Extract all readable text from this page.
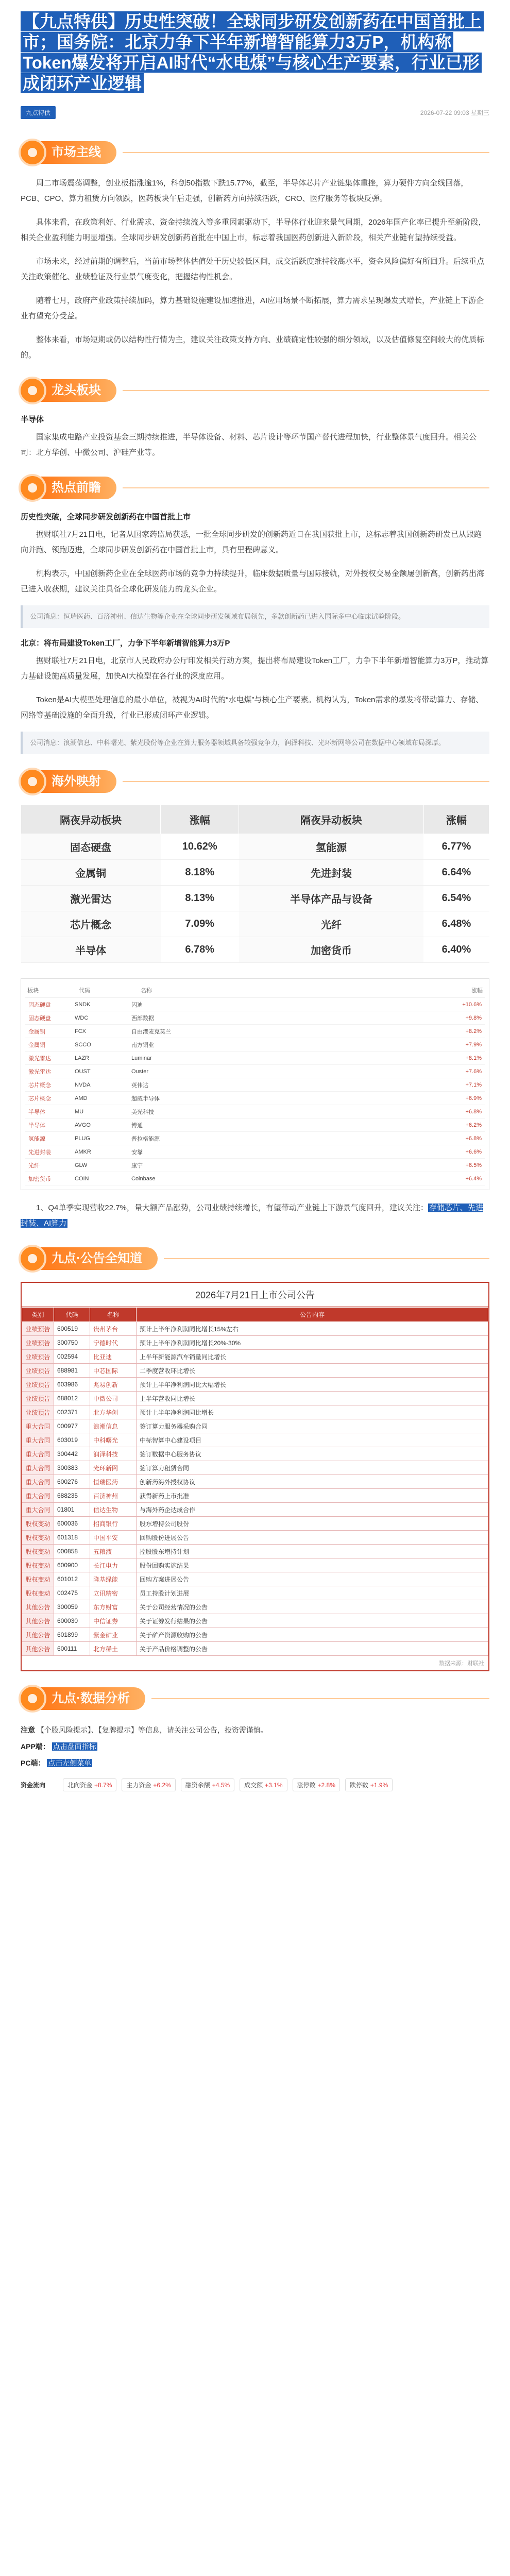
【九点特供】历史性突破！全球同步研发创新药在中国首批上市；国务院：北京力争下半年新增智能算力3万P，机构称Token爆发将开启AI时代“水电煤”与核心生产要素，行业已形成闭环产业逻辑
九点特供	2026-07-22 09:03 星期三
市场主线

周二市场震荡调整，创业板指涨逾1%，科创50指数下跌15.77%，截至，半导体芯片产业链集体重挫，算力硬件方向全线回落，PCB、CPO、算力租赁方向领跌，医药板块午后走强，创新药方向持续活跃，CRO、医疗服务等板块反弹。

具体来看，在政策利好、行业需求、资金持续流入等多重因素驱动下，半导体行业迎来景气周期，2026年国产化率已提升至新阶段，相关企业盈利能力明显增强。全球同步研发创新药首批在中国上市，标志着我国医药创新进入新阶段，相关产业链有望持续受益。

市场未来，经过前期的调整后，当前市场整体估值处于历史较低区间，成交活跃度维持较高水平，资金风险偏好有所回升。后续重点关注政策催化、业绩验证及行业景气度变化，把握结构性机会。

随着七月，政府产业政策持续加码，算力基础设施建设加速推进，AI应用场景不断拓展，算力需求呈现爆发式增长，产业链上下游企业有望充分受益。

整体来看，市场短期或仍以结构性行情为主，建议关注政策支持方向、业绩确定性较强的细分领域，以及估值修复空间较大的优质标的。

龙头板块
半导体

国家集成电路产业投资基金三期持续推进，半导体设备、材料、芯片设计等环节国产替代进程加快，行业整体景气度回升。相关公司：北方华创、中微公司、沪硅产业等。

热点前瞻
历史性突破，全球同步研发创新药在中国首批上市

据财联社7月21日电，记者从国家药监局获悉，一批全球同步研发的创新药近日在我国获批上市，这标志着我国创新药研发已从跟跑向并跑、领跑迈进，全球同步研发创新药在中国首批上市，具有里程碑意义。

机构表示，中国创新药企业在全球医药市场的竞争力持续提升，临床数据质量与国际接轨，对外授权交易金额屡创新高，创新药出海已进入收获期，建议关注具备全球化研发能力的龙头企业。

公司消息：恒瑞医药、百济神州、信达生物等企业在全球同步研发领域布局领先，多款创新药已进入国际多中心临床试验阶段。
北京：将布局建设Token工厂，力争下半年新增智能算力3万P

据财联社7月21日电，北京市人民政府办公厅印发相关行动方案，提出将布局建设Token工厂，力争下半年新增智能算力3万P，推动算力基础设施高质量发展，加快AI大模型在各行业的深度应用。

Token是AI大模型处理信息的最小单位，被视为AI时代的“水电煤”与核心生产要素。机构认为，Token需求的爆发将带动算力、存储、网络等基础设施的全面升级，行业已形成闭环产业逻辑。

公司消息：浪潮信息、中科曙光、紫光股份等企业在算力服务器领域具备较强竞争力，润泽科技、光环新网等公司在数据中心领域布局深厚。
海外映射
隔夜异动板块	涨幅	隔夜异动板块	涨幅
固态硬盘	10.62%	氢能源	6.77%
金属铜	8.18%	先进封装	6.64%
激光雷达	8.13%	半导体产品与设备	6.54%
芯片概念	7.09%	光纤	6.48%
半导体	6.78%	加密货币	6.40%
板块	代码	名称	涨幅
固态硬盘	SNDK	闪迪	+10.6%
固态硬盘	WDC	西部数据	+9.8%
金属铜	FCX	自由港麦克莫兰	+8.2%
金属铜	SCCO	南方铜业	+7.9%
激光雷达	LAZR	Luminar	+8.1%
激光雷达	OUST	Ouster	+7.6%
芯片概念	NVDA	英伟达	+7.1%
芯片概念	AMD	超威半导体	+6.9%
半导体	MU	美光科技	+6.8%
半导体	AVGO	博通	+6.2%
氢能源	PLUG	普拉格能源	+6.8%
先进封装	AMKR	安靠	+6.6%
光纤	GLW	康宁	+6.5%
加密货币	COIN	Coinbase	+6.4%

1、Q4单季实现营收22.7%，量大额产品涨势，公司业绩持续增长，有望带动产业链上下游景气度回升，建议关注： 存储芯片、先进封装、AI算力

九点·公告全知道
2026年7月21日上市公司公告
类别	代码	名称	公告内容
业绩预告	600519	贵州茅台	预计上半年净利润同比增长15%左右
业绩预告	300750	宁德时代	预计上半年净利润同比增长20%-30%
业绩预告	002594	比亚迪	上半年新能源汽车销量同比增长
业绩预告	688981	中芯国际	二季度营收环比增长
业绩预告	603986	兆易创新	预计上半年净利润同比大幅增长
业绩预告	688012	中微公司	上半年营收同比增长
业绩预告	002371	北方华创	预计上半年净利润同比增长
重大合同	000977	浪潮信息	签订算力服务器采购合同
重大合同	603019	中科曙光	中标智算中心建设项目
重大合同	300442	润泽科技	签订数据中心服务协议
重大合同	300383	光环新网	签订算力租赁合同
重大合同	600276	恒瑞医药	创新药海外授权协议
重大合同	688235	百济神州	获得新药上市批准
重大合同	01801	信达生物	与海外药企达成合作
股权变动	600036	招商银行	股东增持公司股份
股权变动	601318	中国平安	回购股份进展公告
股权变动	000858	五粮液	控股股东增持计划
股权变动	600900	长江电力	股份回购实施结果
股权变动	601012	隆基绿能	回购方案进展公告
股权变动	002475	立讯精密	员工持股计划进展
其他公告	300059	东方财富	关于公司经营情况的公告
其他公告	600030	中信证券	关于证券发行结果的公告
其他公告	601899	紫金矿业	关于矿产资源收购的公告
其他公告	600111	北方稀土	关于产品价格调整的公告
数据来源：财联社
九点·数据分析
注意 【个股风险提示】、【复牌提示】等信息，请关注公司公告，投资需谨慎。
APP端： 点击盘面指标
PC端： 点击左侧菜单
资金流向	北向资金 +8.7%	主力资金 +6.2%	融资余额 +4.5%	成交额 +3.1%	涨停数 +2.8%	跌停数 +1.9%
